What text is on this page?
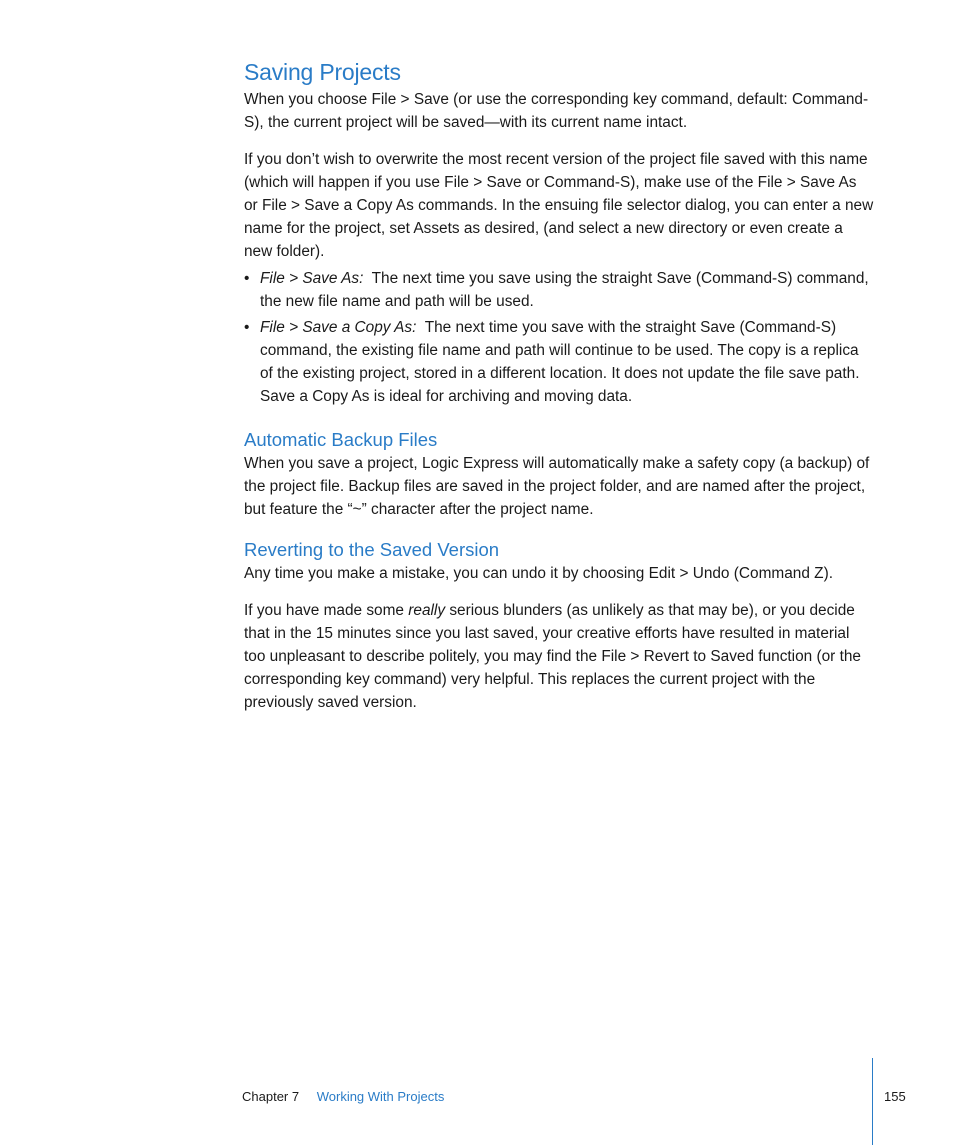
Saving Projects

When you choose File > Save (or use the corresponding key command, default: Command-S), the current project will be saved—with its current name intact.

If you don’t wish to overwrite the most recent version of the project file saved with this name (which will happen if you use File > Save or Command-S), make use of the File > Save As or File > Save a Copy As commands. In the ensuing file selector dialog, you can enter a new name for the project, set Assets as desired, (and select a new directory or even create a new folder).

• File > Save As: The next time you save using the straight Save (Command-S) command, the new file name and path will be used.
• File > Save a Copy As: The next time you save with the straight Save (Command-S) command, the existing file name and path will continue to be used. The copy is a replica of the existing project, stored in a different location. It does not update the file save path. Save a Copy As is ideal for archiving and moving data.
Automatic Backup Files

When you save a project, Logic Express will automatically make a safety copy (a backup) of the project file. Backup files are saved in the project folder, and are named after the project, but feature the “~” character after the project name.

Reverting to the Saved Version

Any time you make a mistake, you can undo it by choosing Edit > Undo (Command Z).

If you have made some really serious blunders (as unlikely as that may be), or you decide that in the 15 minutes since you last saved, your creative efforts have resulted in material too unpleasant to describe politely, you may find the File > Revert to Saved function (or the corresponding key command) very helpful. This replaces the current project with the previously saved version.

Chapter 7 Working With Projects	155
